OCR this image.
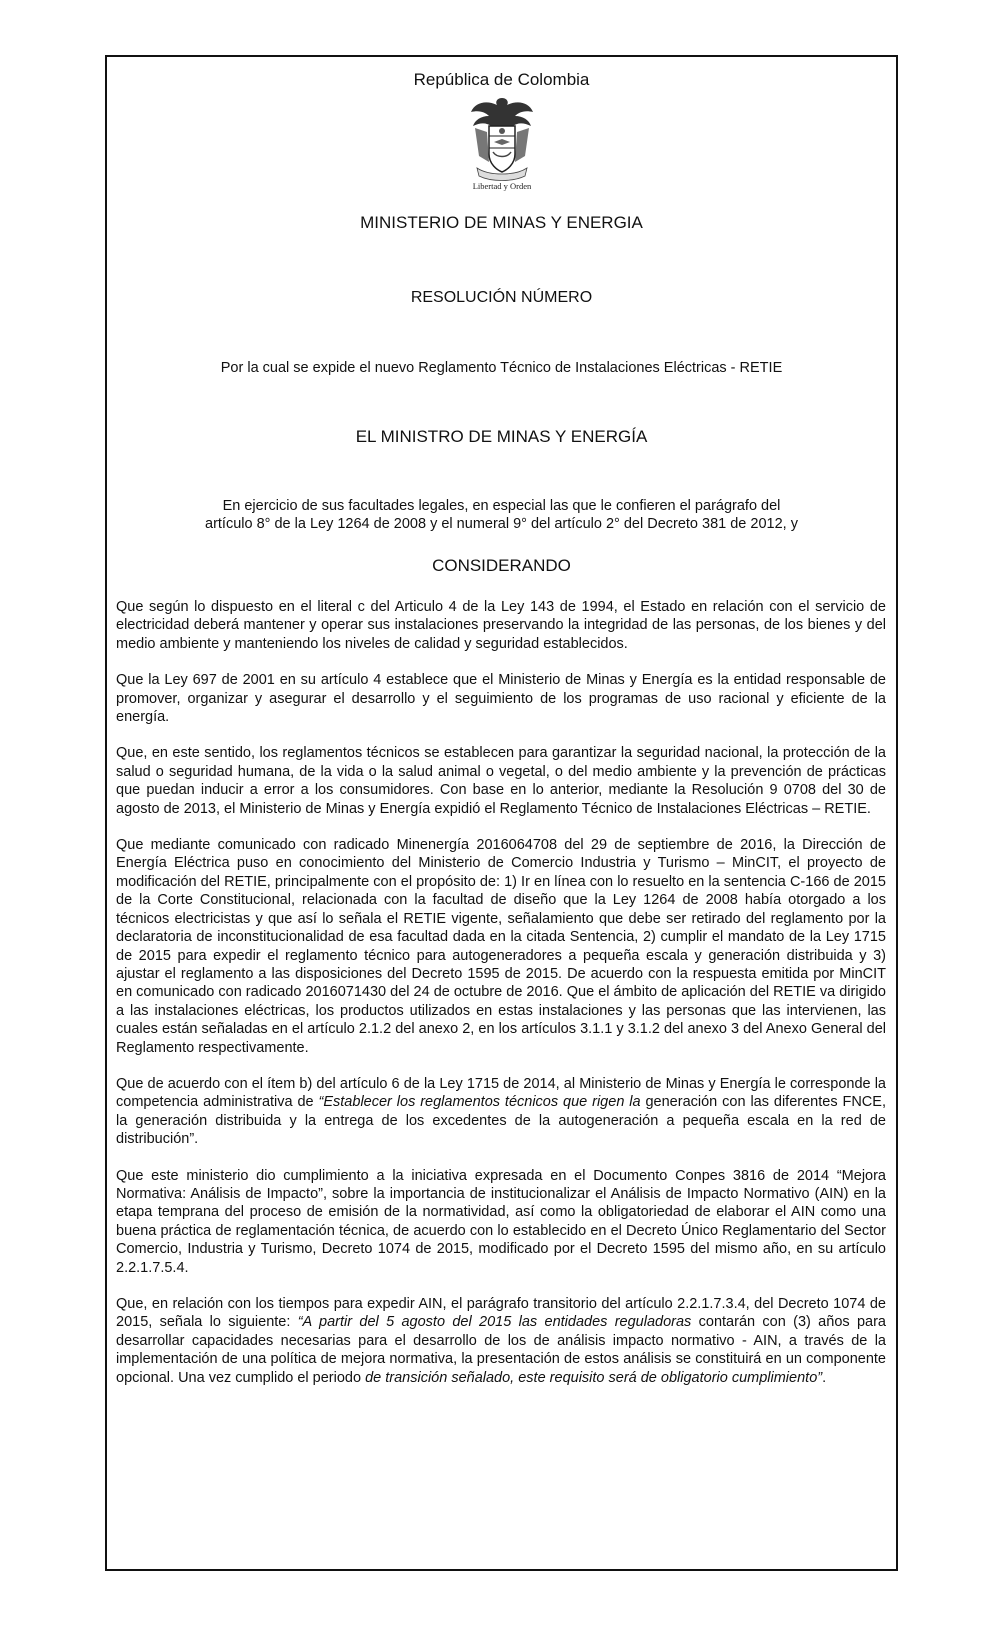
República de Colombia
Libertad y Orden
MINISTERIO DE MINAS Y ENERGIA
RESOLUCIÓN NÚMERO
Por la cual se expide el nuevo Reglamento Técnico de Instalaciones Eléctricas - RETIE
EL MINISTRO DE MINAS Y ENERGÍA
En ejercicio de sus facultades legales, en especial las que le confieren el parágrafo del
artículo 8° de la Ley 1264 de 2008 y el numeral 9° del artículo 2° del Decreto 381 de 2012, y
CONSIDERANDO

Que según lo dispuesto en el literal c del Articulo 4 de la Ley 143 de 1994, el Estado en relación con el servicio de electricidad deberá mantener y operar sus instalaciones preservando la integridad de las personas, de los bienes y del medio ambiente y manteniendo los niveles de calidad y seguridad establecidos.

Que la Ley 697 de 2001 en su artículo 4 establece que el Ministerio de Minas y Energía es la entidad responsable de promover, organizar y asegurar el desarrollo y el seguimiento de los programas de uso racional y eficiente de la energía.

Que, en este sentido, los reglamentos técnicos se establecen para garantizar la seguridad nacional, la protección de la salud o seguridad humana, de la vida o la salud animal o vegetal, o del medio ambiente y la prevención de prácticas que puedan inducir a error a los consumidores. Con base en lo anterior, mediante la Resolución 9 0708 del 30 de agosto de 2013, el Ministerio de Minas y Energía expidió el Reglamento Técnico de Instalaciones Eléctricas – RETIE.

Que mediante comunicado con radicado Minenergía 2016064708 del 29 de septiembre de 2016, la Dirección de Energía Eléctrica puso en conocimiento del Ministerio de Comercio Industria y Turismo – MinCIT, el proyecto de modificación del RETIE, principalmente con el propósito de: 1) Ir en línea con lo resuelto en la sentencia C-166 de 2015 de la Corte Constitucional, relacionada con la facultad de diseño que la Ley 1264 de 2008 había otorgado a los técnicos electricistas y que así lo señala el RETIE vigente, señalamiento que debe ser retirado del reglamento por la declaratoria de inconstitucionalidad de esa facultad dada en la citada Sentencia, 2) cumplir el mandato de la Ley 1715 de 2015 para expedir el reglamento técnico para autogeneradores a pequeña escala y generación distribuida y 3) ajustar el reglamento a las disposiciones del Decreto 1595 de 2015. De acuerdo con la respuesta emitida por MinCIT en comunicado con radicado 2016071430 del 24 de octubre de 2016. Que el ámbito de aplicación del RETIE va dirigido a las instalaciones eléctricas, los productos utilizados en estas instalaciones y las personas que las intervienen, las cuales están señaladas en el artículo 2.1.2 del anexo 2, en los artículos 3.1.1 y 3.1.2 del anexo 3 del Anexo General del Reglamento respectivamente.

Que de acuerdo con el ítem b) del artículo 6 de la Ley 1715 de 2014, al Ministerio de Minas y Energía le corresponde la competencia administrativa de “Establecer los reglamentos técnicos que rigen la generación con las diferentes FNCE, la generación distribuida y la entrega de los excedentes de la autogeneración a pequeña escala en la red de distribución”.

Que este ministerio dio cumplimiento a la iniciativa expresada en el Documento Conpes 3816 de 2014 “Mejora Normativa: Análisis de Impacto”, sobre la importancia de institucionalizar el Análisis de Impacto Normativo (AIN) en la etapa temprana del proceso de emisión de la normatividad, así como la obligatoriedad de elaborar el AIN como una buena práctica de reglamentación técnica, de acuerdo con lo establecido en el Decreto Único Reglamentario del Sector Comercio, Industria y Turismo, Decreto 1074 de 2015, modificado por el Decreto 1595 del mismo año, en su artículo 2.2.1.7.5.4.

Que, en relación con los tiempos para expedir AIN, el parágrafo transitorio del artículo 2.2.1.7.3.4, del Decreto 1074 de 2015, señala lo siguiente: “A partir del 5 agosto del 2015 las entidades reguladoras contarán con (3) años para desarrollar capacidades necesarias para el desarrollo de los de análisis impacto normativo - AIN, a través de la implementación de una política de mejora normativa, la presentación de estos análisis se constituirá en un componente opcional. Una vez cumplido el periodo de transición señalado, este requisito será de obligatorio cumplimiento”.
